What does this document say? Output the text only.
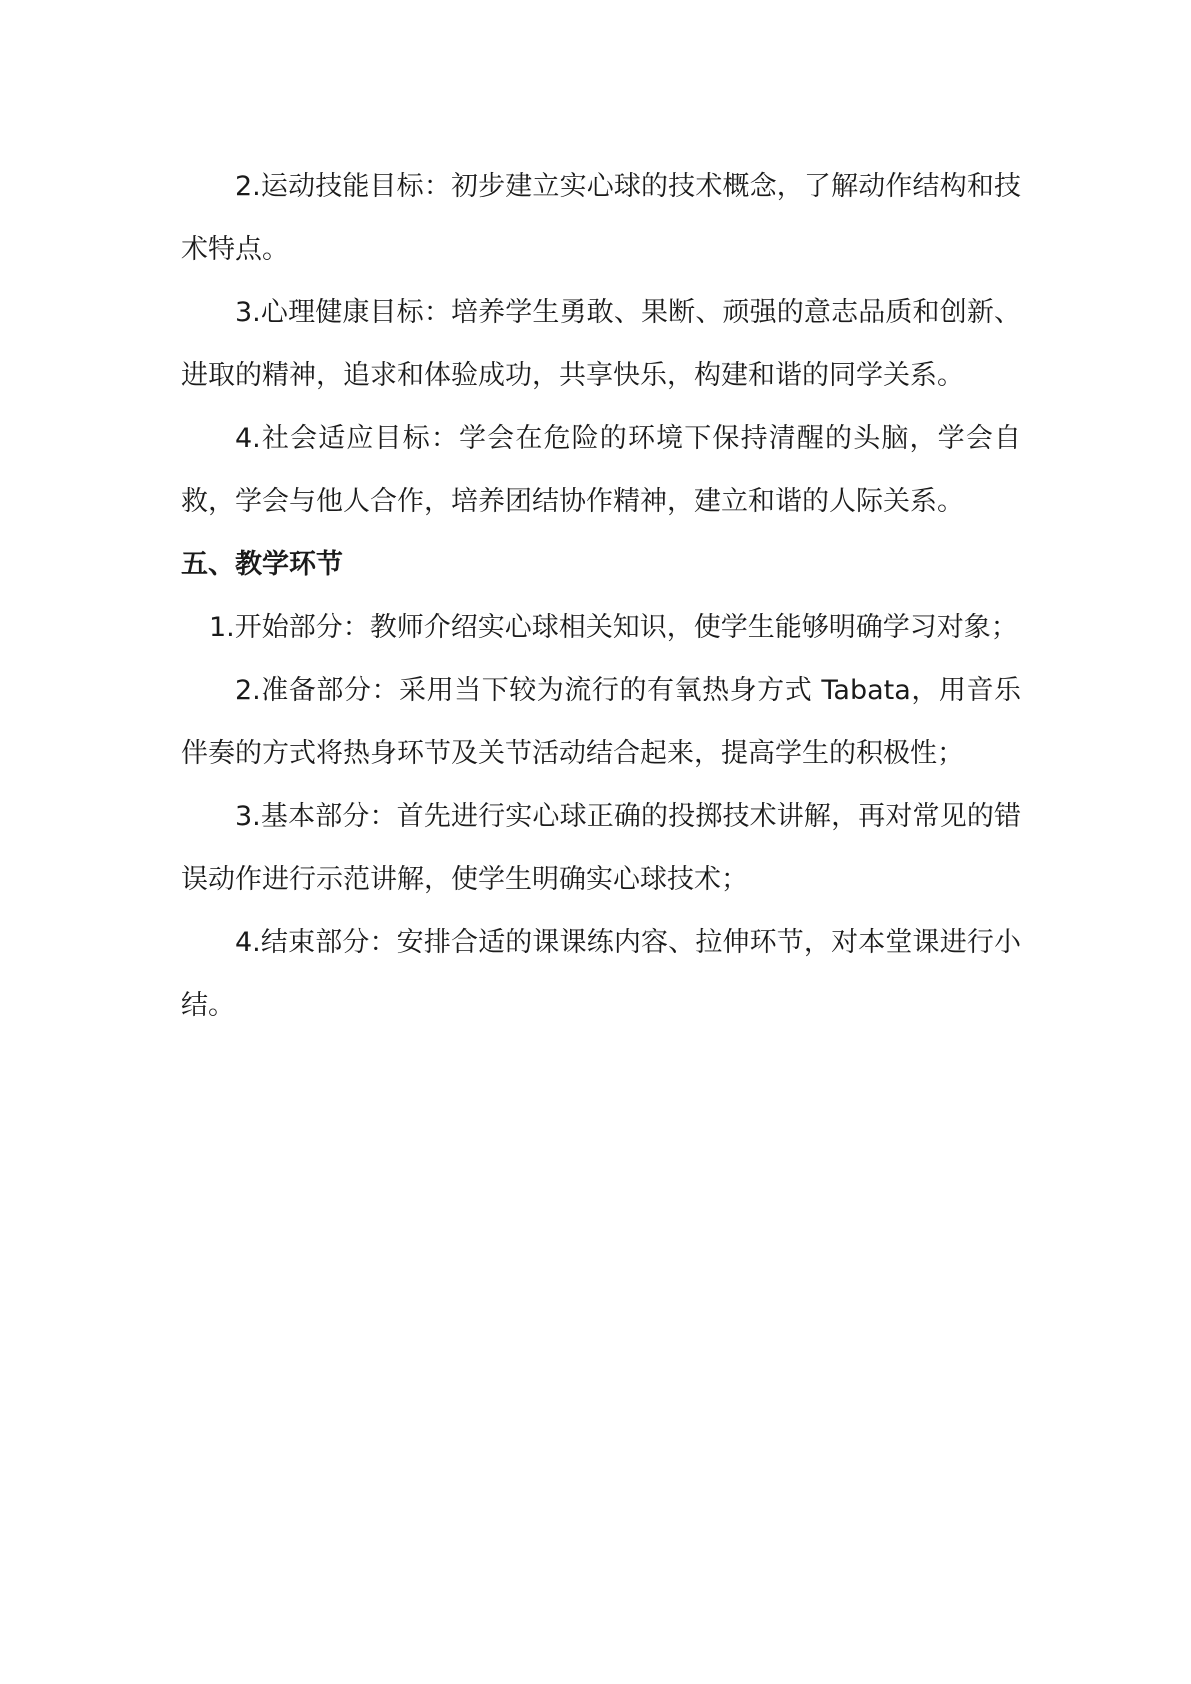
2.运动技能目标：初步建立实心球的技术概念，了解动作结构和技术特点。

3.心理健康目标：培养学生勇敢、果断、顽强的意志品质和创新、进取的精神，追求和体验成功，共享快乐，构建和谐的同学关系。

4.社会适应目标：学会在危险的环境下保持清醒的头脑，学会自救，学会与他人合作，培养团结协作精神，建立和谐的人际关系。

五、教学环节

1.开始部分：教师介绍实心球相关知识，使学生能够明确学习对象；

2.准备部分：采用当下较为流行的有氧热身方式 Tabata，用音乐伴奏的方式将热身环节及关节活动结合起来，提高学生的积极性；

3.基本部分：首先进行实心球正确的投掷技术讲解，再对常见的错误动作进行示范讲解，使学生明确实心球技术；

4.结束部分：安排合适的课课练内容、拉伸环节，对本堂课进行小结。
